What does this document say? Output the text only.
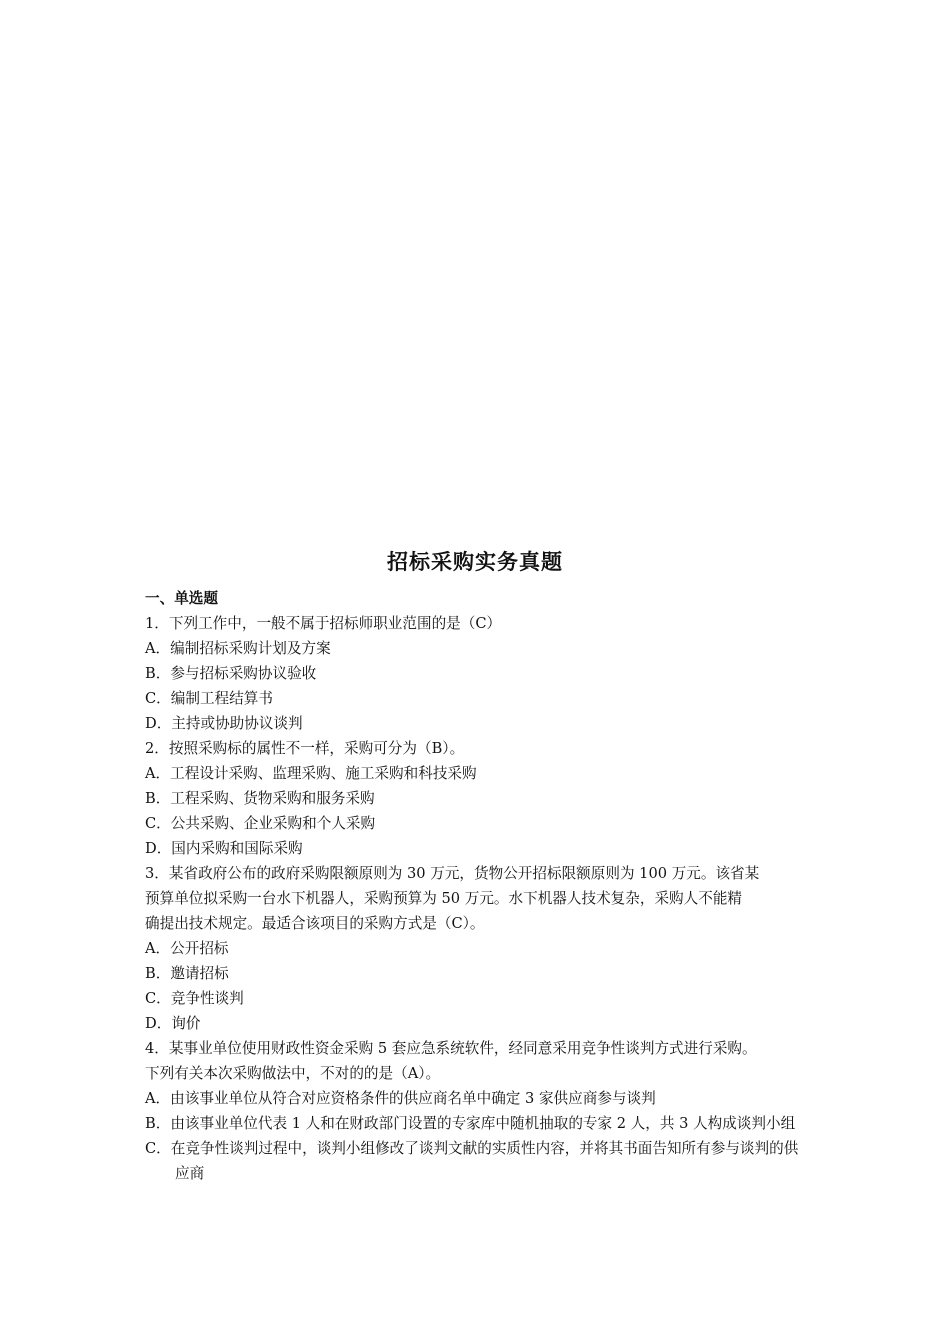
招标采购实务真题
一、单选题
1．下列工作中，一般不属于招标师职业范围的是（C）
A．编制招标采购计划及方案
B．参与招标采购协议验收
C．编制工程结算书
D．主持或协助协议谈判
2．按照采购标的属性不一样，采购可分为（B）。
A．工程设计采购、监理采购、施工采购和科技采购
B．工程采购、货物采购和服务采购
C．公共采购、企业采购和个人采购
D．国内采购和国际采购
3．某省政府公布的政府采购限额原则为 30 万元，货物公开招标限额原则为 100 万元。该省某
预算单位拟采购一台水下机器人，采购预算为 50 万元。水下机器人技术复杂，采购人不能精
确提出技术规定。最适合该项目的采购方式是（C）。
A．公开招标
B．邀请招标
C．竞争性谈判
D．询价
4．某事业单位使用财政性资金采购 5 套应急系统软件，经同意采用竞争性谈判方式进行采购。
下列有关本次采购做法中，不对的的是（A）。
A．由该事业单位从符合对应资格条件的供应商名单中确定 3 家供应商参与谈判
B．由该事业单位代表 1 人和在财政部门设置的专家库中随机抽取的专家 2 人，共 3 人构成谈判小组
C．在竞争性谈判过程中，谈判小组修改了谈判文献的实质性内容，并将其书面告知所有参与谈判的供应商
